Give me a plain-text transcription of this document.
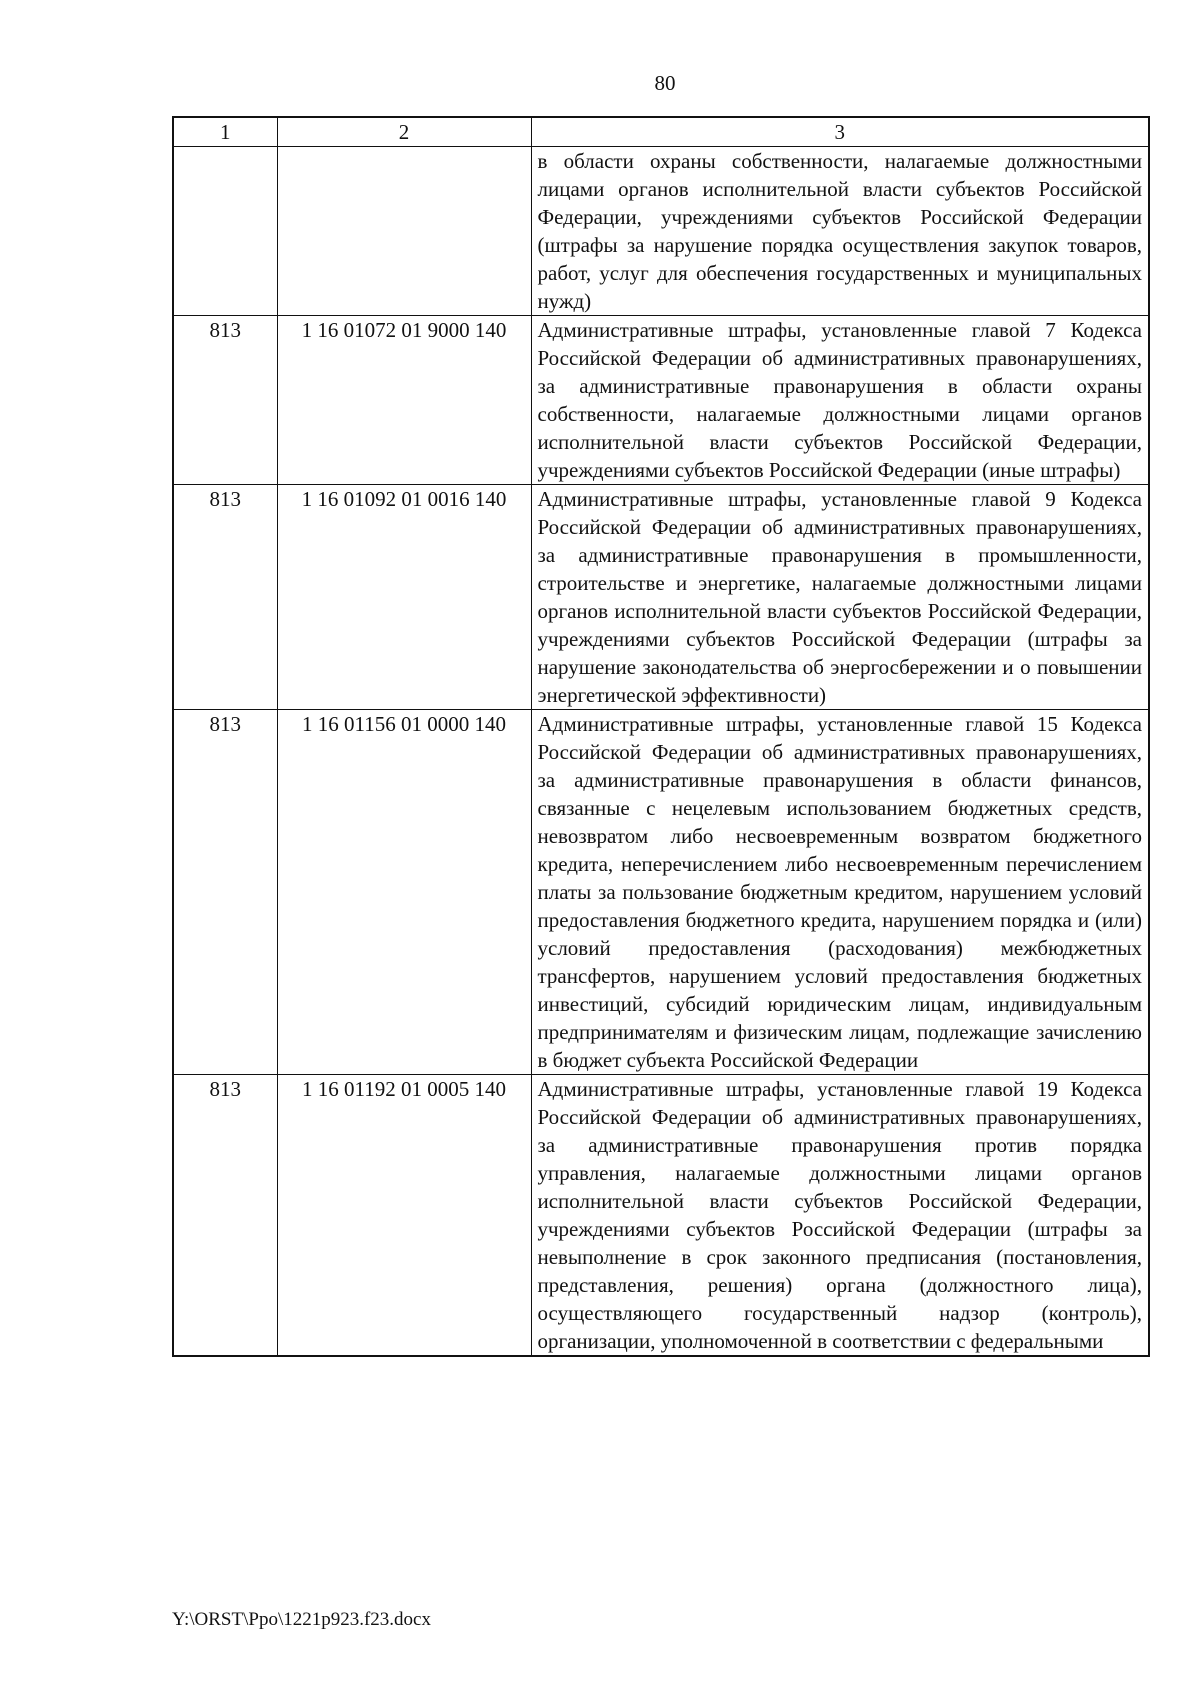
80
1	2	3
		в области охраны собственности, налагаемые должностными лицами органов исполнительной власти субъектов Российской Федерации, учреждениями субъектов Российской Федерации (штрафы за нарушение порядка осуществления закупок товаров, работ, услуг для обеспечения государственных и муниципальных нужд)
813	1 16 01072 01 9000 140	Административные штрафы, установленные главой 7 Кодекса Российской Федерации об административных правонарушениях, за административные правонарушения в области охраны собственности, налагаемые должностными лицами органов исполнительной власти субъектов Российской Федерации, учреждениями субъектов Российской Федерации (иные штрафы)
813	1 16 01092 01 0016 140	Административные штрафы, установленные главой 9 Кодекса Российской Федерации об административных правонарушениях, за административные правонарушения в промышленности, строительстве и энергетике, налагаемые должностными лицами органов исполнительной власти субъектов Российской Федерации, учреждениями субъектов Российской Федерации (штрафы за нарушение законодательства об энергосбережении и о повышении энергетической эффективности)
813	1 16 01156 01 0000 140	Административные штрафы, установленные главой 15 Кодекса Российской Федерации об административных правонарушениях, за административные правонарушения в области финансов, связанные с нецелевым использованием бюджетных средств, невозвратом либо несвоевременным возвратом бюджетного кредита, неперечислением либо несвоевременным перечислением платы за пользование бюджетным кредитом, нарушением условий предоставления бюджетного кредита, нарушением порядка и (или) условий предоставления (расходования) межбюджетных трансфертов, нарушением условий предоставления бюджетных инвестиций, субсидий юридическим лицам, индивидуальным предпринимателям и физическим лицам, подлежащие зачислению в бюджет субъекта Российской Федерации
813	1 16 01192 01 0005 140	Административные штрафы, установленные главой 19 Кодекса Российской Федерации об административных правонарушениях, за административные правонарушения против порядка управления, налагаемые должностными лицами органов исполнительной власти субъектов Российской Федерации, учреждениями субъектов Российской Федерации (штрафы за невыполнение в срок законного предписания (постановления, представления, решения) органа (должностного лица), осуществляющего государственный надзор (контроль), организации, уполномоченной в соответствии с федеральными
Y:\ORST\Ppo\1221p923.f23.docx
